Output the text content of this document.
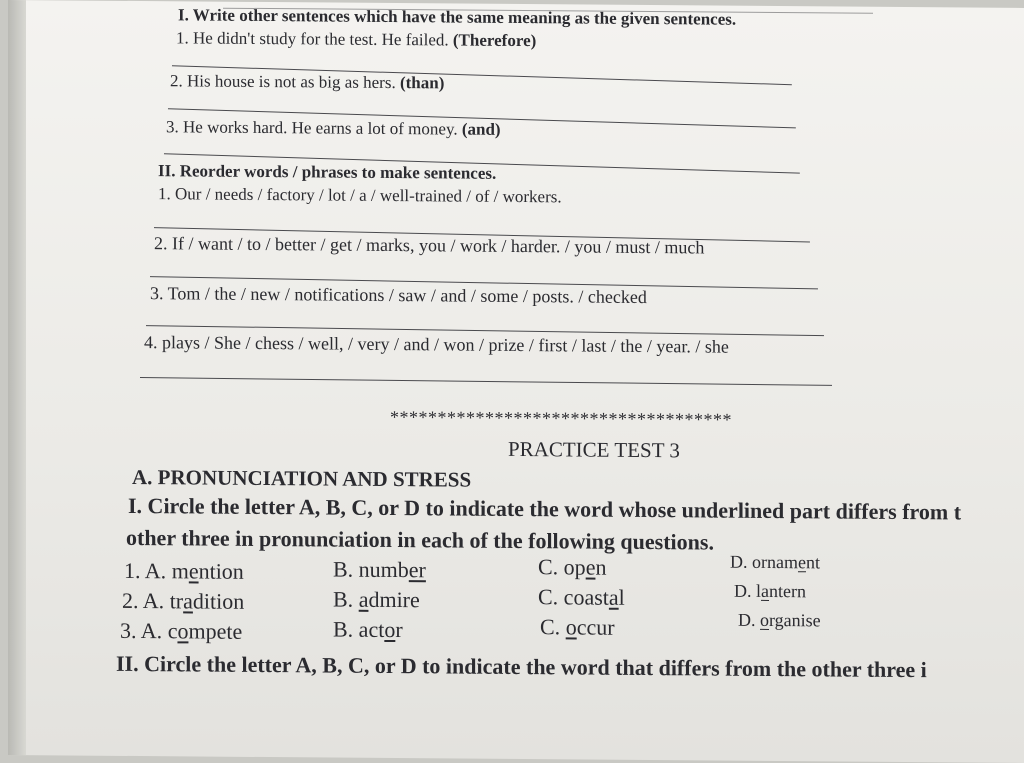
I. Write other sentences which have the same meaning as the given sentences.
1. He didn't study for the test. He failed. (Therefore)
2. His house is not as big as hers. (than)
3. He works hard. He earns a lot of money. (and)
II. Reorder words / phrases to make sentences.
1. Our / needs / factory / lot / a / well-trained / of / workers.
2. If / want / to / better / get / marks, you / work / harder. / you / must / much
3. Tom / the / new / notifications / saw / and / some / posts. / checked
4. plays / She / chess / well, / very / and / won / prize / first / last / the / year. / she
************************************
PRACTICE TEST 3
A. PRONUNCIATION AND STRESS
I. Circle the letter A, B, C, or D to indicate the word whose underlined part differs from t
other three in pronunciation in each of the following questions.
1. A. mention	B. number	C. open	D. ornament
2. A. tradition	B. admire	C. coastal	D. lantern
3. A. compete	B. actor	C. occur	D. organise
II. Circle the letter A, B, C, or D to indicate the word that differs from the other three i
